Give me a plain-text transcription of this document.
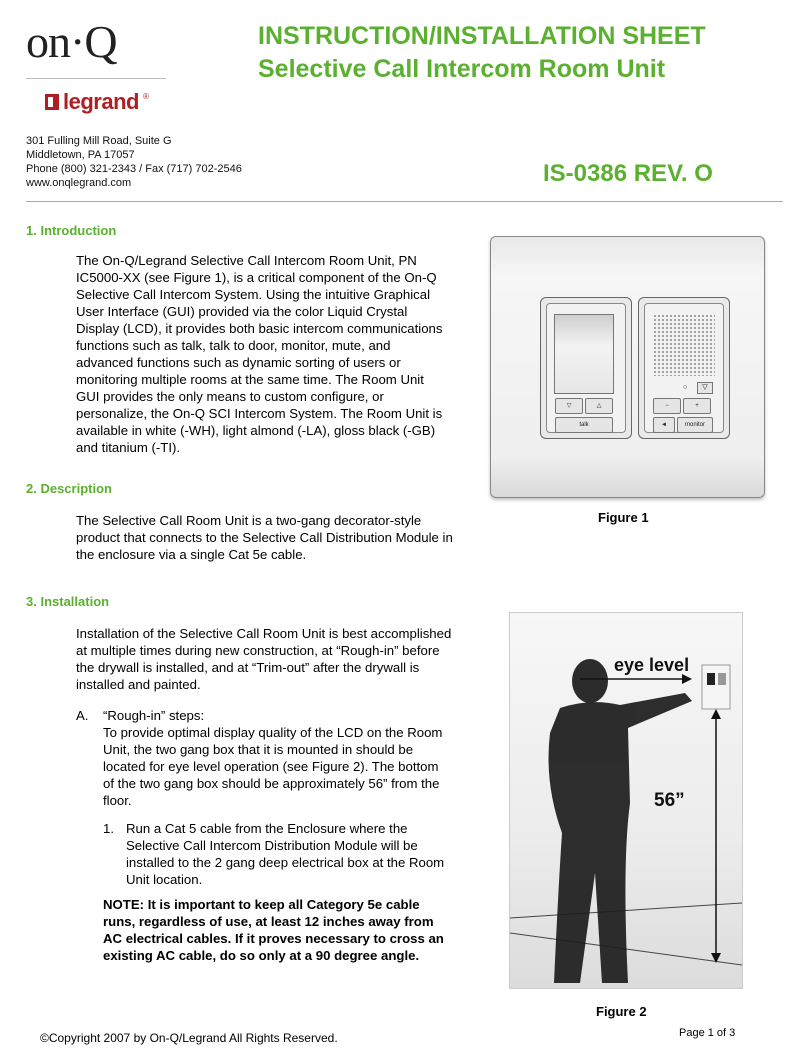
on·Q
legrand ®
INSTRUCTION/INSTALLATION SHEET
Selective Call Intercom Room Unit
301 Fulling Mill Road, Suite G
Middletown, PA 17057
Phone (800) 321-2343 / Fax (717) 702-2546
www.onqlegrand.com	IS-0386 REV. O
1. Introduction
The On-Q/Legrand Selective Call Intercom Room Unit, PN
IC5000-XX (see Figure 1), is a critical component of the On-Q
Selective Call Intercom System. Using the intuitive Graphical
User Interface (GUI) provided via the color Liquid Crystal
Display (LCD), it provides both basic intercom communications
functions such as talk, talk to door, monitor, mute, and
advanced functions such as dynamic sorting of users or
monitoring multiple rooms at the same time. The Room Unit
GUI provides the only means to custom configure, or
personalize, the On-Q SCI Intercom System. The Room Unit is
available in white (-WH), light almond (-LA), gloss black (-GB)
and titanium (-TI).
2. Description
The Selective Call Room Unit is a two-gang decorator-style
product that connects to the Selective Call Distribution Module in
the enclosure via a single Cat 5e cable.
3. Installation
Installation of the Selective Call Room Unit is best accomplished
at multiple times during new construction, at “Rough-in” before
the drywall is installed, and at “Trim-out” after the drywall is
installed and painted.
A. “Rough-in” steps:
To provide optimal display quality of the LCD on the Room
Unit, the two gang box that it is mounted in should be
located for eye level operation (see Figure 2). The bottom
of the two gang box should be approximately 56” from the
floor.
1. Run a Cat 5 cable from the Enclosure where the
Selective Call Intercom Distribution Module will be
installed to the 2 gang deep electrical box at the Room
Unit location.
NOTE: It is important to keep all Category 5e cable
runs, regardless of use, at least 12 inches away from
AC electrical cables. If it proves necessary to cross an
existing AC cable, do so only at a 90 degree angle.
▽	△
talk
○	▽
−	+
◄	monitor
Figure 1
eye level
56”
Figure 2
©Copyright 2007 by On-Q/Legrand All Rights Reserved.	Page 1 of 3
